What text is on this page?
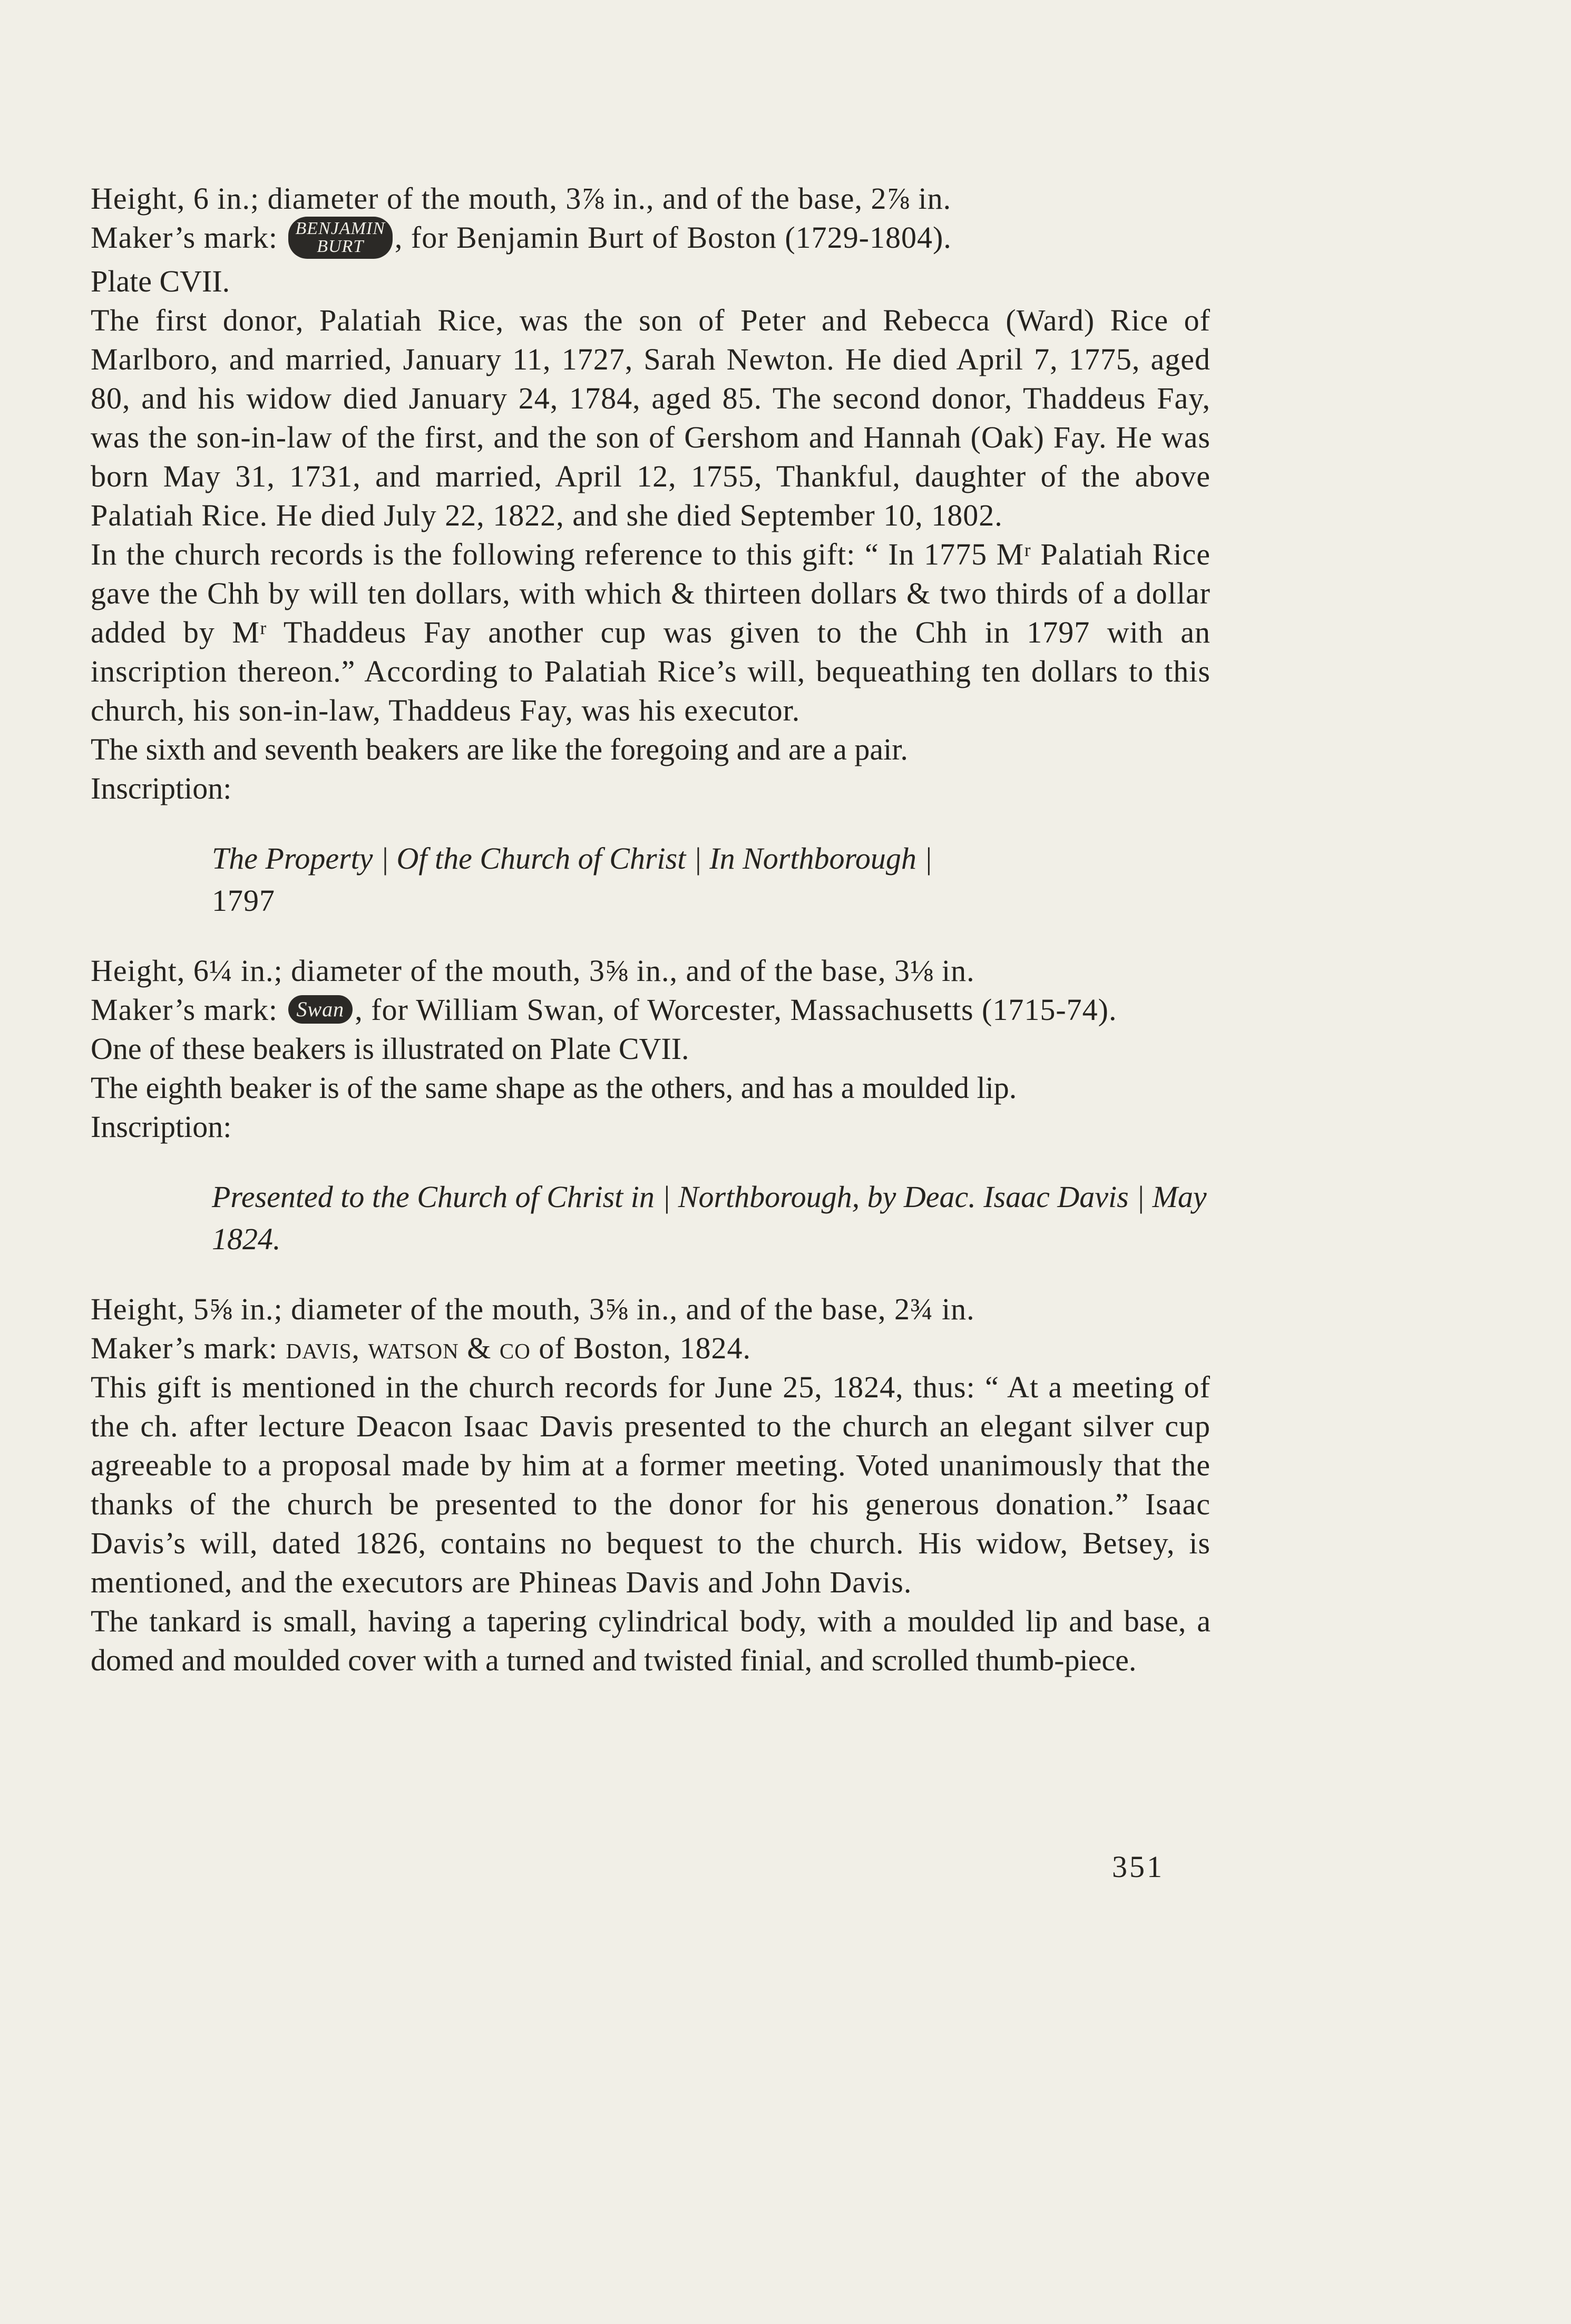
Height, 6 in.; diameter of the mouth, 3⅞ in., and of the base, 2⅞ in.

Maker’s mark: BENJAMIN
BURT	, for Benjamin Burt of Boston (1729-1804).

Plate CVII.

The first donor, Palatiah Rice, was the son of Peter and Rebecca (Ward) Rice of Marlboro, and married, January 11, 1727, Sarah Newton. He died April 7, 1775, aged 80, and his widow died January 24, 1784, aged 85. The second donor, Thaddeus Fay, was the son-in-law of the first, and the son of Gershom and Hannah (Oak) Fay. He was born May 31, 1731, and married, April 12, 1755, Thankful, daughter of the above Palatiah Rice. He died July 22, 1822, and she died September 10, 1802.

In the church records is the following reference to this gift: “ In 1775 Mʳ Palatiah Rice gave the Chh by will ten dollars, with which & thirteen dollars & two thirds of a dollar added by Mʳ Thaddeus Fay another cup was given to the Chh in 1797 with an inscription thereon.” According to Palatiah Rice’s will, bequeathing ten dollars to this church, his son-in-law, Thaddeus Fay, was his executor.

The sixth and seventh beakers are like the foregoing and are a pair.

Inscription:

The Property | Of the Church of Christ | In Northborough |
1797

Height, 6¼ in.; diameter of the mouth, 3⅝ in., and of the base, 3⅛ in.

Maker’s mark: Swan , for William Swan, of Worcester, Massachusetts (1715-74).

One of these beakers is illustrated on Plate CVII.

The eighth beaker is of the same shape as the others, and has a moulded lip.

Inscription:

Presented to the Church of Christ in | Northborough, by Deac. Isaac Davis | May 1824.

Height, 5⅝ in.; diameter of the mouth, 3⅝ in., and of the base, 2¾ in.

Maker’s mark: davis, watson & co of Boston, 1824.

This gift is mentioned in the church records for June 25, 1824, thus: “ At a meeting of the ch. after lecture Deacon Isaac Davis presented to the church an elegant silver cup agreeable to a proposal made by him at a former meeting. Voted unanimously that the thanks of the church be presented to the donor for his generous donation.” Isaac Davis’s will, dated 1826, contains no bequest to the church. His widow, Betsey, is mentioned, and the executors are Phineas Davis and John Davis.

The tankard is small, having a tapering cylindrical body, with a moulded lip and base, a domed and moulded cover with a turned and twisted finial, and scrolled thumb-piece.

351
